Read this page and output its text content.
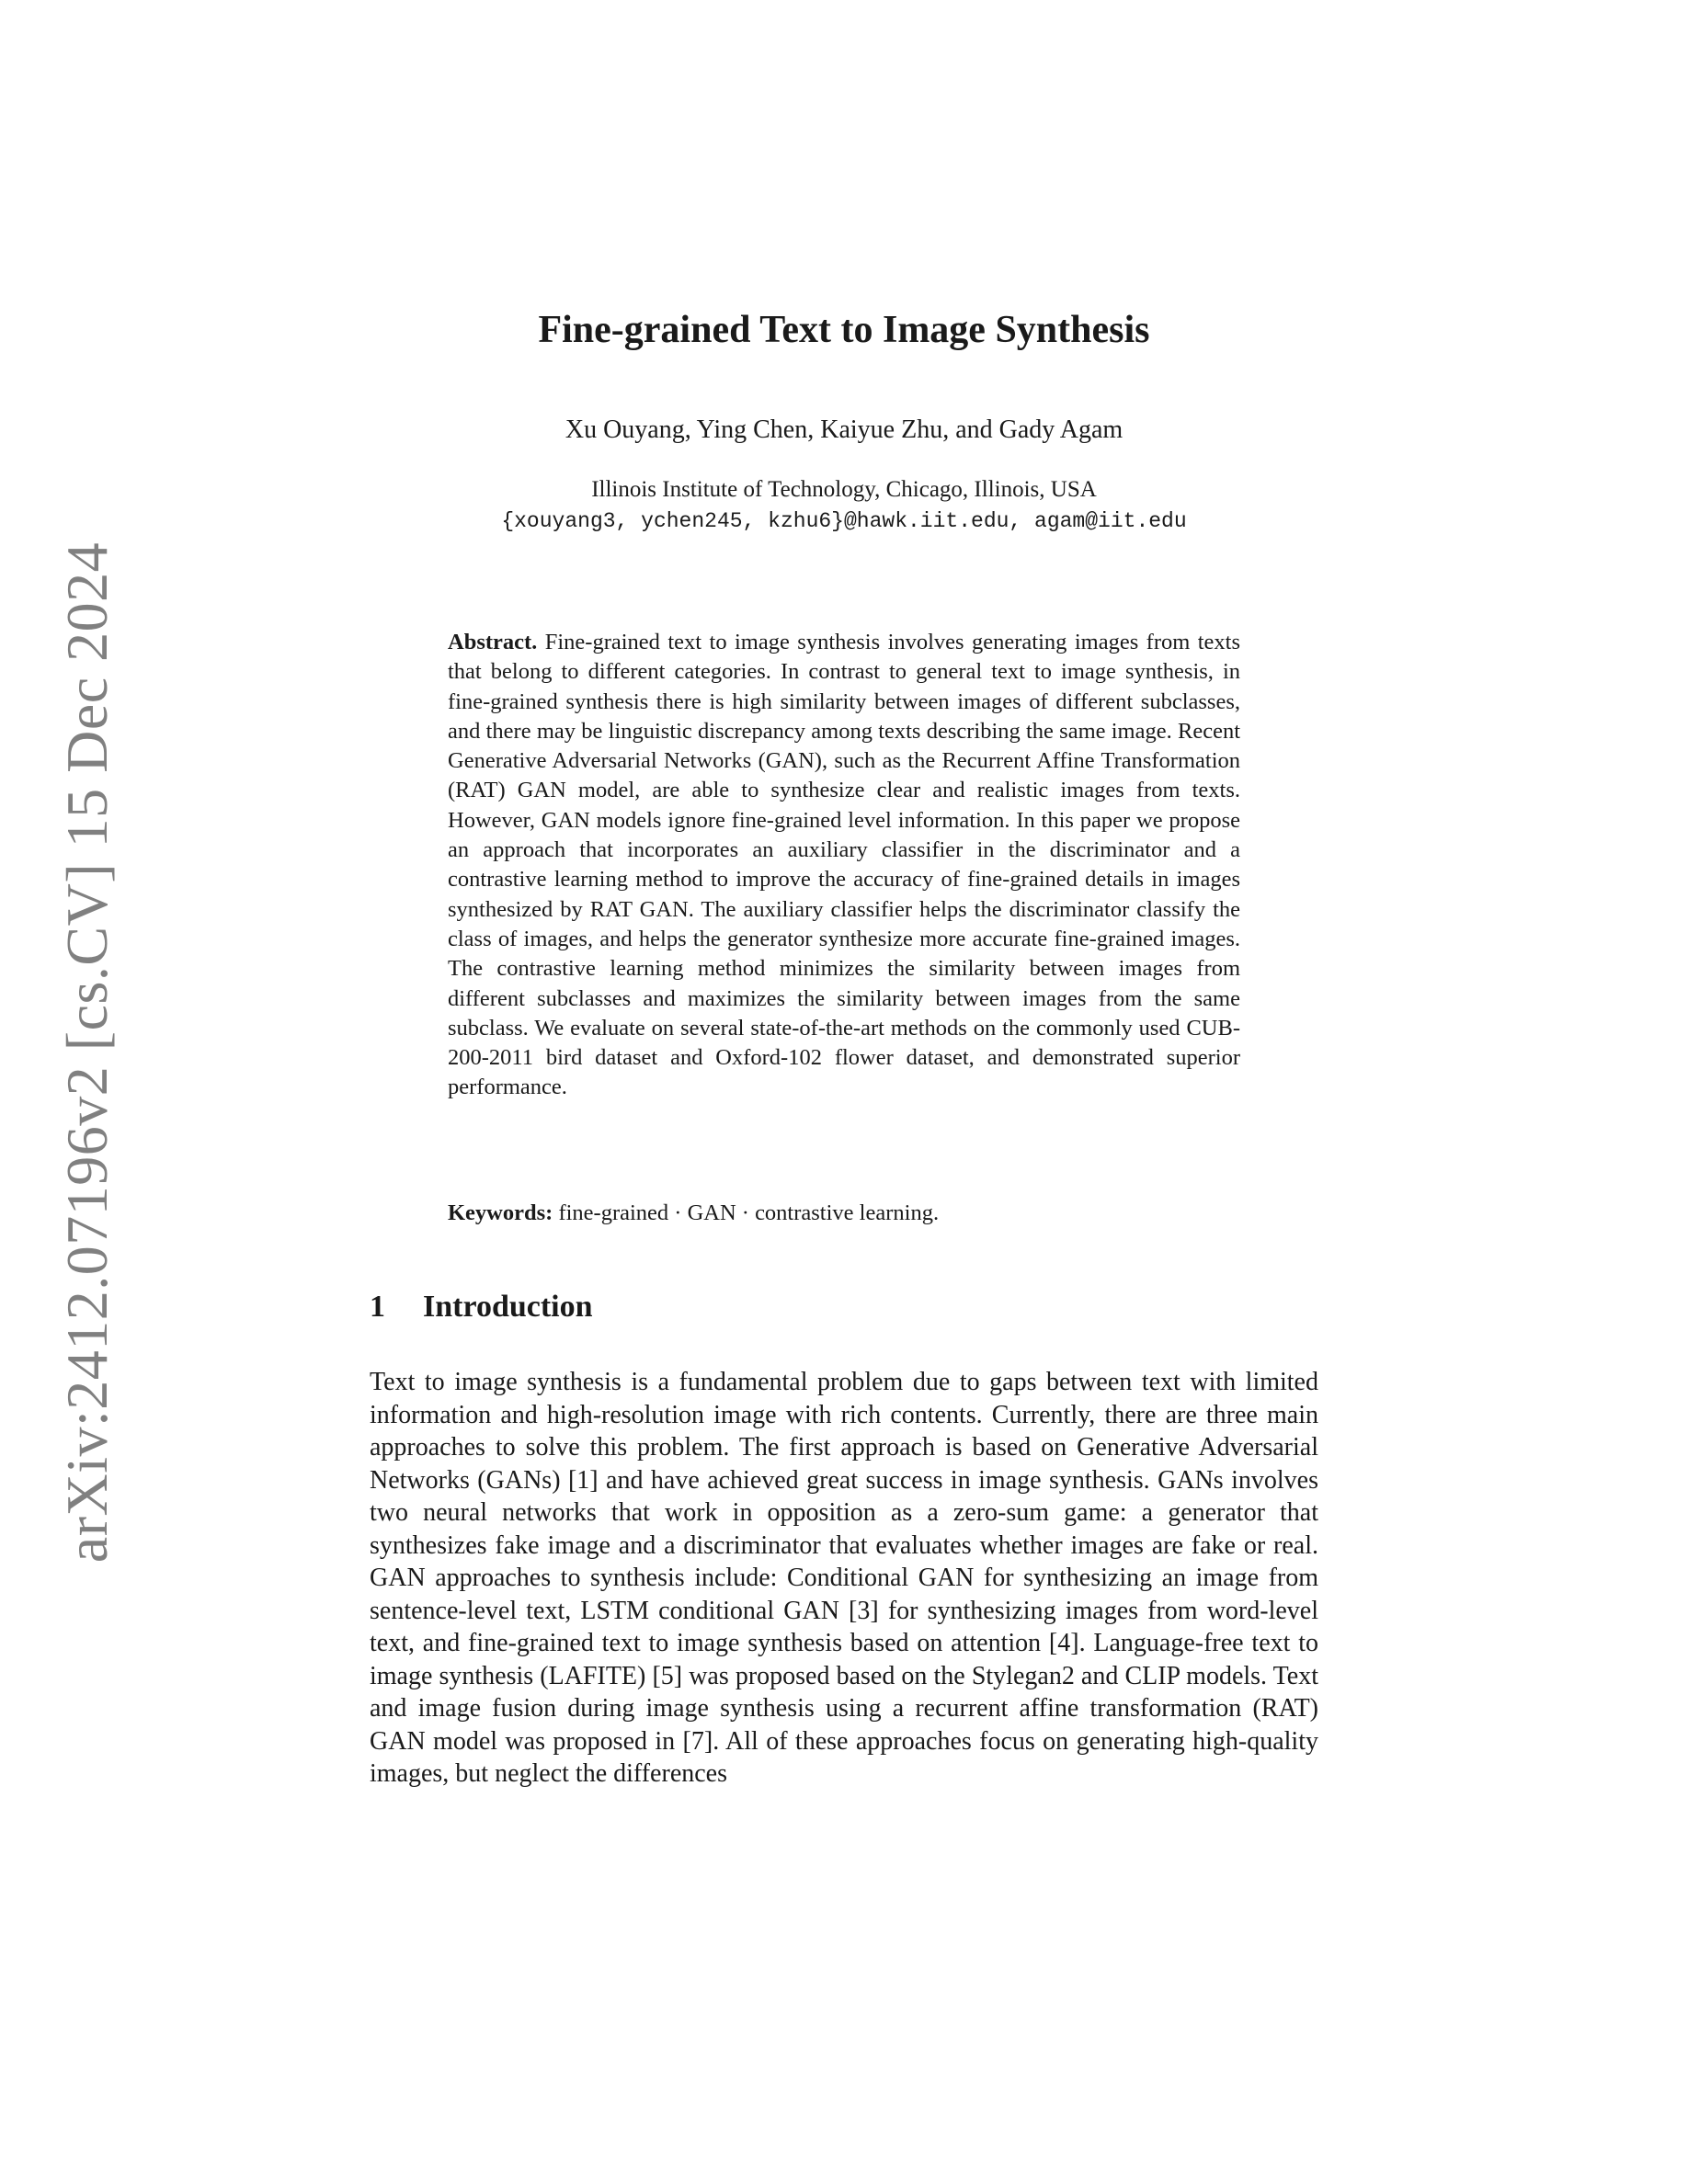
arXiv:2412.07196v2 [cs.CV] 15 Dec 2024
Fine-grained Text to Image Synthesis
Xu Ouyang, Ying Chen, Kaiyue Zhu, and Gady Agam
Illinois Institute of Technology, Chicago, Illinois, USA
{xouyang3, ychen245, kzhu6}@hawk.iit.edu, agam@iit.edu
Abstract. Fine-grained text to image synthesis involves generating images from texts that belong to different categories. In contrast to general text to image synthesis, in fine-grained synthesis there is high similarity between images of different subclasses, and there may be linguistic discrepancy among texts describing the same image. Recent Generative Adversarial Networks (GAN), such as the Recurrent Affine Transformation (RAT) GAN model, are able to synthesize clear and realistic images from texts. However, GAN models ignore fine-grained level information. In this paper we propose an approach that incorporates an auxiliary classifier in the discriminator and a contrastive learning method to improve the accuracy of fine-grained details in images synthesized by RAT GAN. The auxiliary classifier helps the discriminator classify the class of images, and helps the generator synthesize more accurate fine-grained images. The contrastive learning method minimizes the similarity between images from different subclasses and maximizes the similarity between images from the same subclass. We evaluate on several state-of-the-art methods on the commonly used CUB-200-2011 bird dataset and Oxford-102 flower dataset, and demonstrated superior performance.
Keywords: fine-grained · GAN · contrastive learning.
1 Introduction
Text to image synthesis is a fundamental problem due to gaps between text with limited information and high-resolution image with rich contents. Currently, there are three main approaches to solve this problem. The first approach is based on Generative Adversarial Networks (GANs) [1] and have achieved great success in image synthesis. GANs involves two neural networks that work in opposition as a zero-sum game: a generator that synthesizes fake image and a discriminator that evaluates whether images are fake or real. GAN approaches to synthesis include: Conditional GAN for synthesizing an image from sentence-level text, LSTM conditional GAN [3] for synthesizing images from word-level text, and fine-grained text to image synthesis based on attention [4]. Language-free text to image synthesis (LAFITE) [5] was proposed based on the Stylegan2 and CLIP models. Text and image fusion during image synthesis using a recurrent affine transformation (RAT) GAN model was proposed in [7]. All of these approaches focus on generating high-quality images, but neglect the differences
